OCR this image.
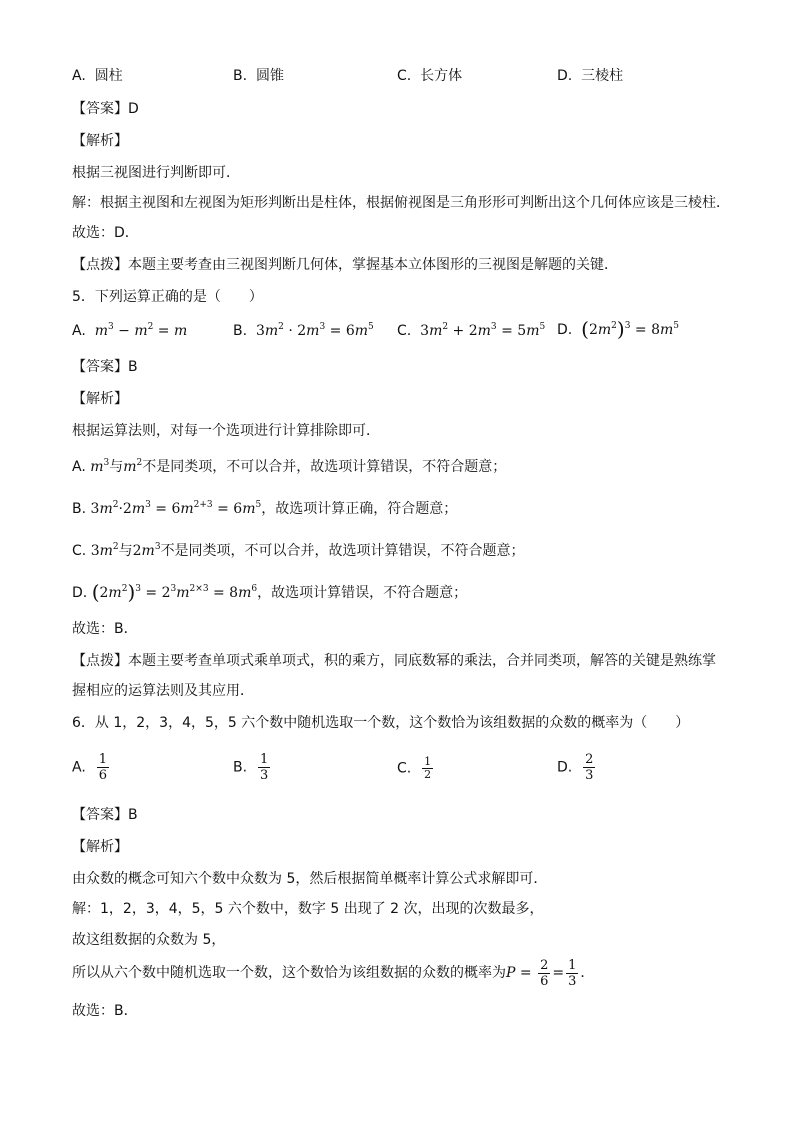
A. 圆柱	B. 圆锥	C. 长方体	D. 三棱柱
【答案】D
【解析】
根据三视图进行判断即可．
解：根据主视图和左视图为矩形判断出是柱体，根据俯视图是三角形形可判断出这个几何体应该是三棱柱．
故选：D．
【点拨】本题主要考查由三视图判断几何体，掌握基本立体图形的三视图是解题的关键．
5．下列运算正确的是（　　）
A. $m^3 - m^2 = m$	B. $3m^2 \cdot 2m^3 = 6m^5$ C. $3m^2 + 2m^3 = 5m^5$ D. $(2m^2)^3 = 8m^5$
【答案】B
【解析】
根据运算法则，对每一个选项进行计算排除即可．
A. $m^3$与$m^2$不是同类项，不可以合并，故选项计算错误，不符合题意；
B. $3m^2\cdot 2m^3 = 6m^{2+3} = 6m^5$，故选项计算正确，符合题意；
C. $3m^2$与$2m^3$不是同类项，不可以合并，故选项计算错误，不符合题意；
D. $(2m^2)^3 = 2^3m^{2\times 3} = 8m^6$，故选项计算错误，不符合题意；
故选：B．
【点拨】本题主要考查单项式乘单项式，积的乘方，同底数幂的乘法，合并同类项，解答的关键是熟练掌
握相应的运算法则及其应用．
6．从 1，2，3，4，5，5 六个数中随机选取一个数，这个数恰为该组数据的众数的概率为（　　）
A. $\frac{1}{6}$	B. $\frac{1}{3}$	C. $\frac{1}{2}$	D. $\frac{2}{3}$
【答案】B
【解析】
由众数的概念可知六个数中众数为 5，然后根据简单概率计算公式求解即可．
解：1，2，3，4，5，5 六个数中，数字 5 出现了 2 次，出现的次数最多，
故这组数据的众数为 5，
所以从六个数中随机选取一个数，这个数恰为该组数据的众数的概率为$P = \frac{2}{6} = \frac{1}{3}$ ．
故选：B．
